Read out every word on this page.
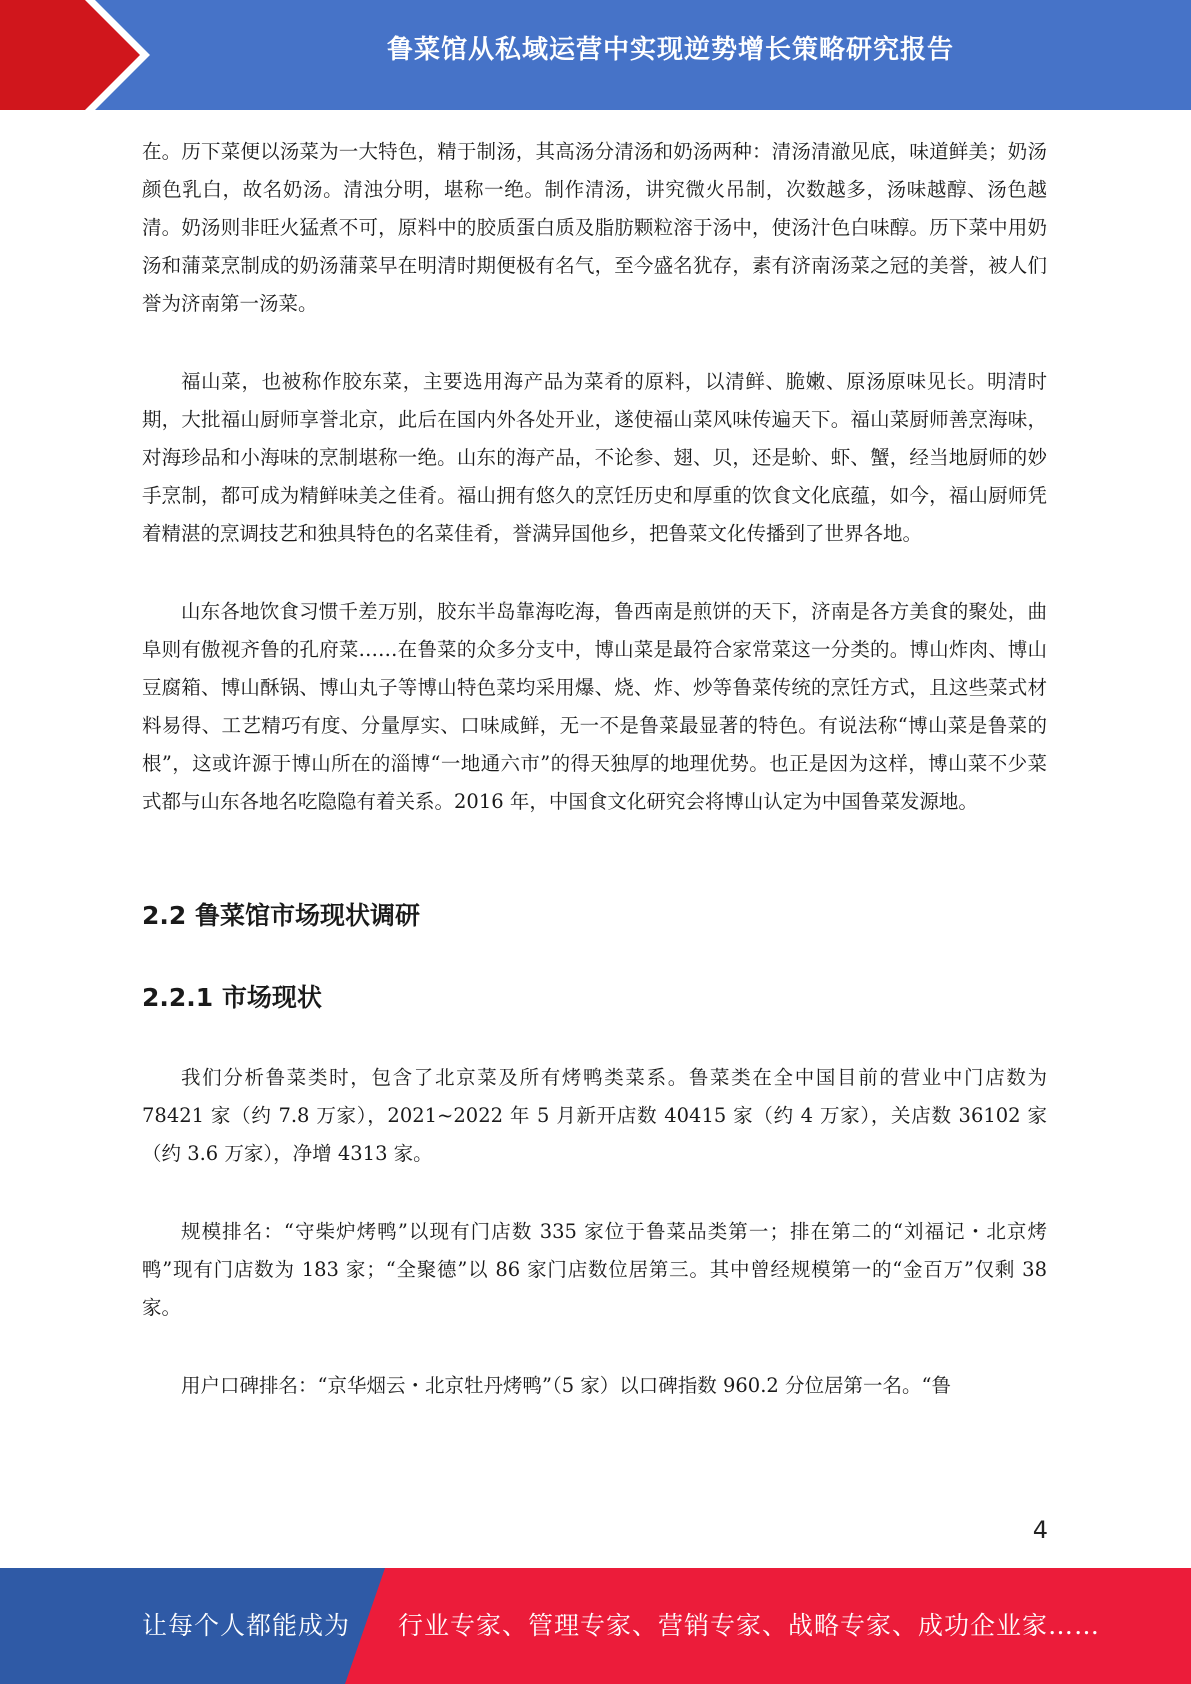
鲁菜馆从私域运营中实现逆势增长策略研究报告

在。历下菜便以汤菜为一大特色，精于制汤，其高汤分清汤和奶汤两种：清汤清澈见底，味道鲜美；奶汤颜色乳白，故名奶汤。清浊分明，堪称一绝。制作清汤，讲究微火吊制，次数越多，汤味越醇、汤色越清。奶汤则非旺火猛煮不可，原料中的胶质蛋白质及脂肪颗粒溶于汤中，使汤汁色白味醇。历下菜中用奶汤和蒲菜烹制成的奶汤蒲菜早在明清时期便极有名气，至今盛名犹存，素有济南汤菜之冠的美誉，被人们誉为济南第一汤菜。

福山菜，也被称作胶东菜，主要选用海产品为菜肴的原料，以清鲜、脆嫩、原汤原味见长。明清时期，大批福山厨师享誉北京，此后在国内外各处开业，遂使福山菜风味传遍天下。福山菜厨师善烹海味，对海珍品和小海味的烹制堪称一绝。山东的海产品，不论参、翅、贝，还是蚧、虾、蟹，经当地厨师的妙手烹制，都可成为精鲜味美之佳肴。福山拥有悠久的烹饪历史和厚重的饮食文化底蕴，如今，福山厨师凭着精湛的烹调技艺和独具特色的名菜佳肴，誉满异国他乡，把鲁菜文化传播到了世界各地。

山东各地饮食习惯千差万别，胶东半岛靠海吃海，鲁西南是煎饼的天下，济南是各方美食的聚处，曲阜则有傲视齐鲁的孔府菜……在鲁菜的众多分支中，博山菜是最符合家常菜这一分类的。博山炸肉、博山豆腐箱、博山酥锅、博山丸子等博山特色菜均采用爆、烧、炸、炒等鲁菜传统的烹饪方式，且这些菜式材料易得、工艺精巧有度、分量厚实、口味咸鲜，无一不是鲁菜最显著的特色。有说法称“博山菜是鲁菜的根”，这或许源于博山所在的淄博“一地通六市”的得天独厚的地理优势。也正是因为这样，博山菜不少菜式都与山东各地名吃隐隐有着关系。2016 年，中国食文化研究会将博山认定为中国鲁菜发源地。

2.2 鲁菜馆市场现状调研
2.2.1 市场现状

我们分析鲁菜类时，包含了北京菜及所有烤鸭类菜系。鲁菜类在全中国目前的营业中门店数为 78421 家（约 7.8 万家），2021~2022 年 5 月新开店数 40415 家（约 4 万家），关店数 36102 家（约 3.6 万家），净增 4313 家。

规模排名：“守柴炉烤鸭”以现有门店数 335 家位于鲁菜品类第一；排在第二的“刘福记・北京烤鸭”现有门店数为 183 家；“全聚德”以 86 家门店数位居第三。其中曾经规模第一的“金百万”仅剩 38 家。

用户口碑排名：“京华烟云・北京牡丹烤鸭”（5 家）以口碑指数 960.2 分位居第一名。“鲁

4
让每个人都能成为 行业专家、管理专家、营销专家、战略专家、成功企业家……
